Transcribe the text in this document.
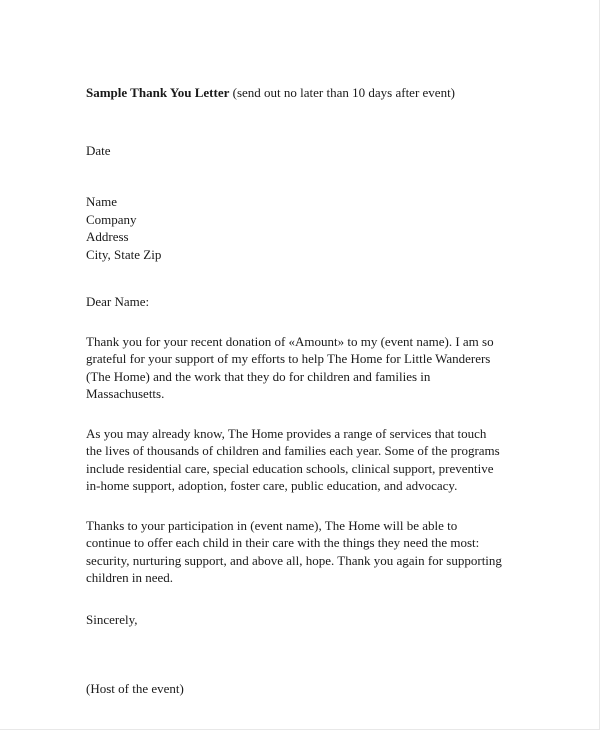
Sample Thank You Letter (send out no later than 10 days after event)

Date

Name
Company
Address
City, State Zip

Dear Name:

Thank you for your recent donation of «Amount» to my (event name). I am so grateful for your support of my efforts to help The Home for Little Wanderers (The Home) and the work that they do for children and families in Massachusetts.

As you may already know, The Home provides a range of services that touch the lives of thousands of children and families each year. Some of the programs include residential care, special education schools, clinical support, preventive in-home support, adoption, foster care, public education, and advocacy.

Thanks to your participation in (event name), The Home will be able to continue to offer each child in their care with the things they need the most: security, nurturing support, and above all, hope. Thank you again for supporting children in need.

Sincerely,

(Host of the event)
